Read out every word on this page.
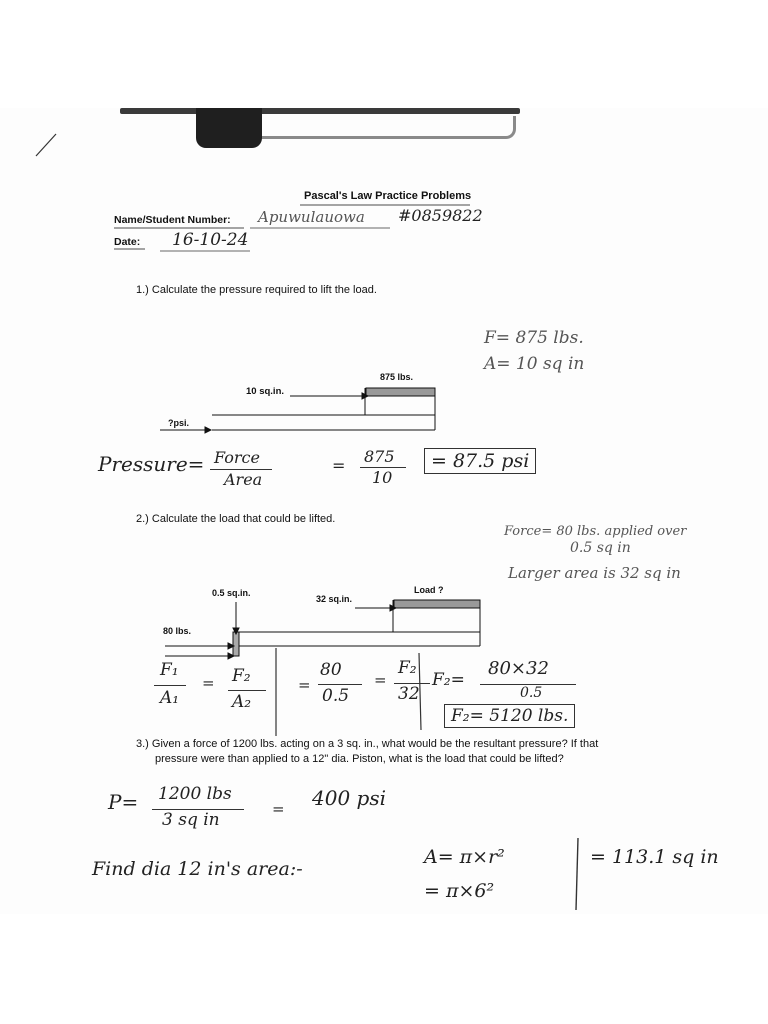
Pascal's Law Practice Problems
Name/Student Number: Apuwulauowa #0859822
Date: 16-10-24
1.) Calculate the pressure required to lift the load.
F= 875 lbs.
A= 10 sq in
875 lbs.
10 sq.in.
?psi.
Pressure= Force
Area
= 875
10
= 87.5 psi
2.) Calculate the load that could be lifted.
Force= 80 lbs. applied over
0.5 sq in
Larger area is 32 sq in
0.5 sq.in.
32 sq.in.
Load ?
80 lbs.
F₁
A₁
= F₂
A₂
=
80
0.5
=
F₂
32
F₂=
80×32
0.5
F₂= 5120 lbs.
3.) Given a force of 1200 lbs. acting on a 3 sq. in., what would be the resultant pressure? If that
pressure were than applied to a 12" dia. Piston, what is the load that could be lifted?
P= 1200 lbs
3 sq in
= 400 psi
Find dia 12 in's area:-
A= π×r²
= π×6²
= 113.1 sq in
